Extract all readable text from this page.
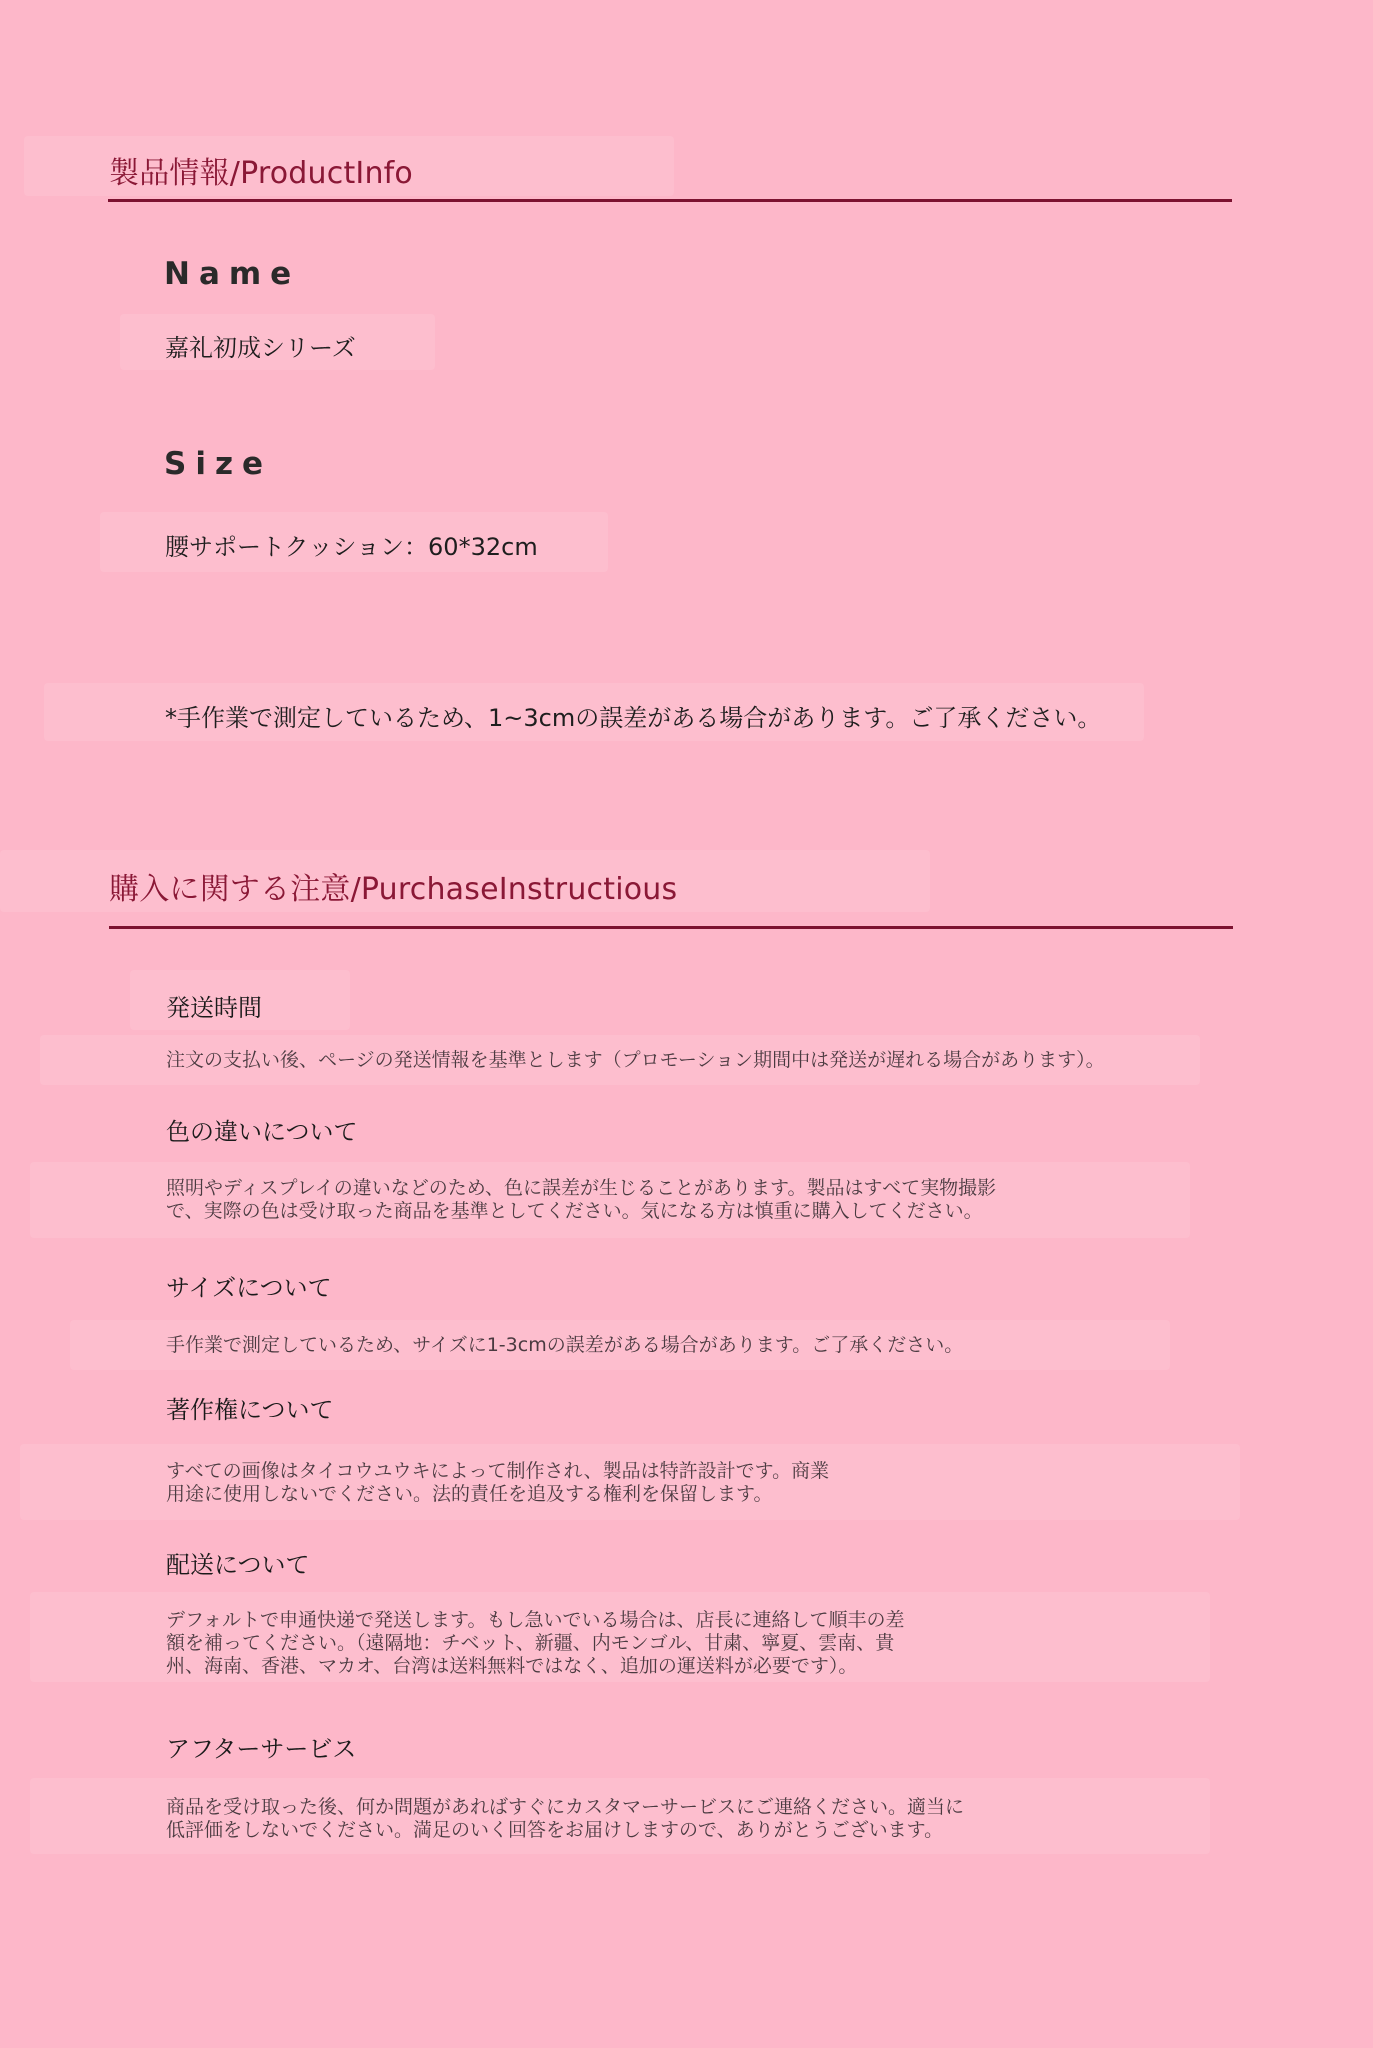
製品情報/ProductInfo
Name
嘉礼初成シリーズ
Size
腰サポートクッション：60*32cm
*手作業で測定しているため、1~3cmの誤差がある場合があります。ご了承ください。
購入に関する注意/PurchaseInstructious
発送時間
注文の支払い後、ページの発送情報を基準とします（プロモーション期間中は発送が遅れる場合があります）。
色の違いについて
照明やディスプレイの違いなどのため、色に誤差が生じることがあります。製品はすべて実物撮影
で、実際の色は受け取った商品を基準としてください。気になる方は慎重に購入してください。
サイズについて
手作業で測定しているため、サイズに1-3cmの誤差がある場合があります。ご了承ください。
著作権について
すべての画像はタイコウユウキによって制作され、製品は特許設計です。商業
用途に使用しないでください。法的責任を追及する権利を保留します。
配送について
デフォルトで申通快递で発送します。もし急いでいる場合は、店長に連絡して順丰の差
額を補ってください。（遠隔地：チベット、新疆、内モンゴル、甘粛、寧夏、雲南、貴
州、海南、香港、マカオ、台湾は送料無料ではなく、追加の運送料が必要です）。
アフターサービス
商品を受け取った後、何か問題があればすぐにカスタマーサービスにご連絡ください。適当に
低評価をしないでください。満足のいく回答をお届けしますので、ありがとうございます。
